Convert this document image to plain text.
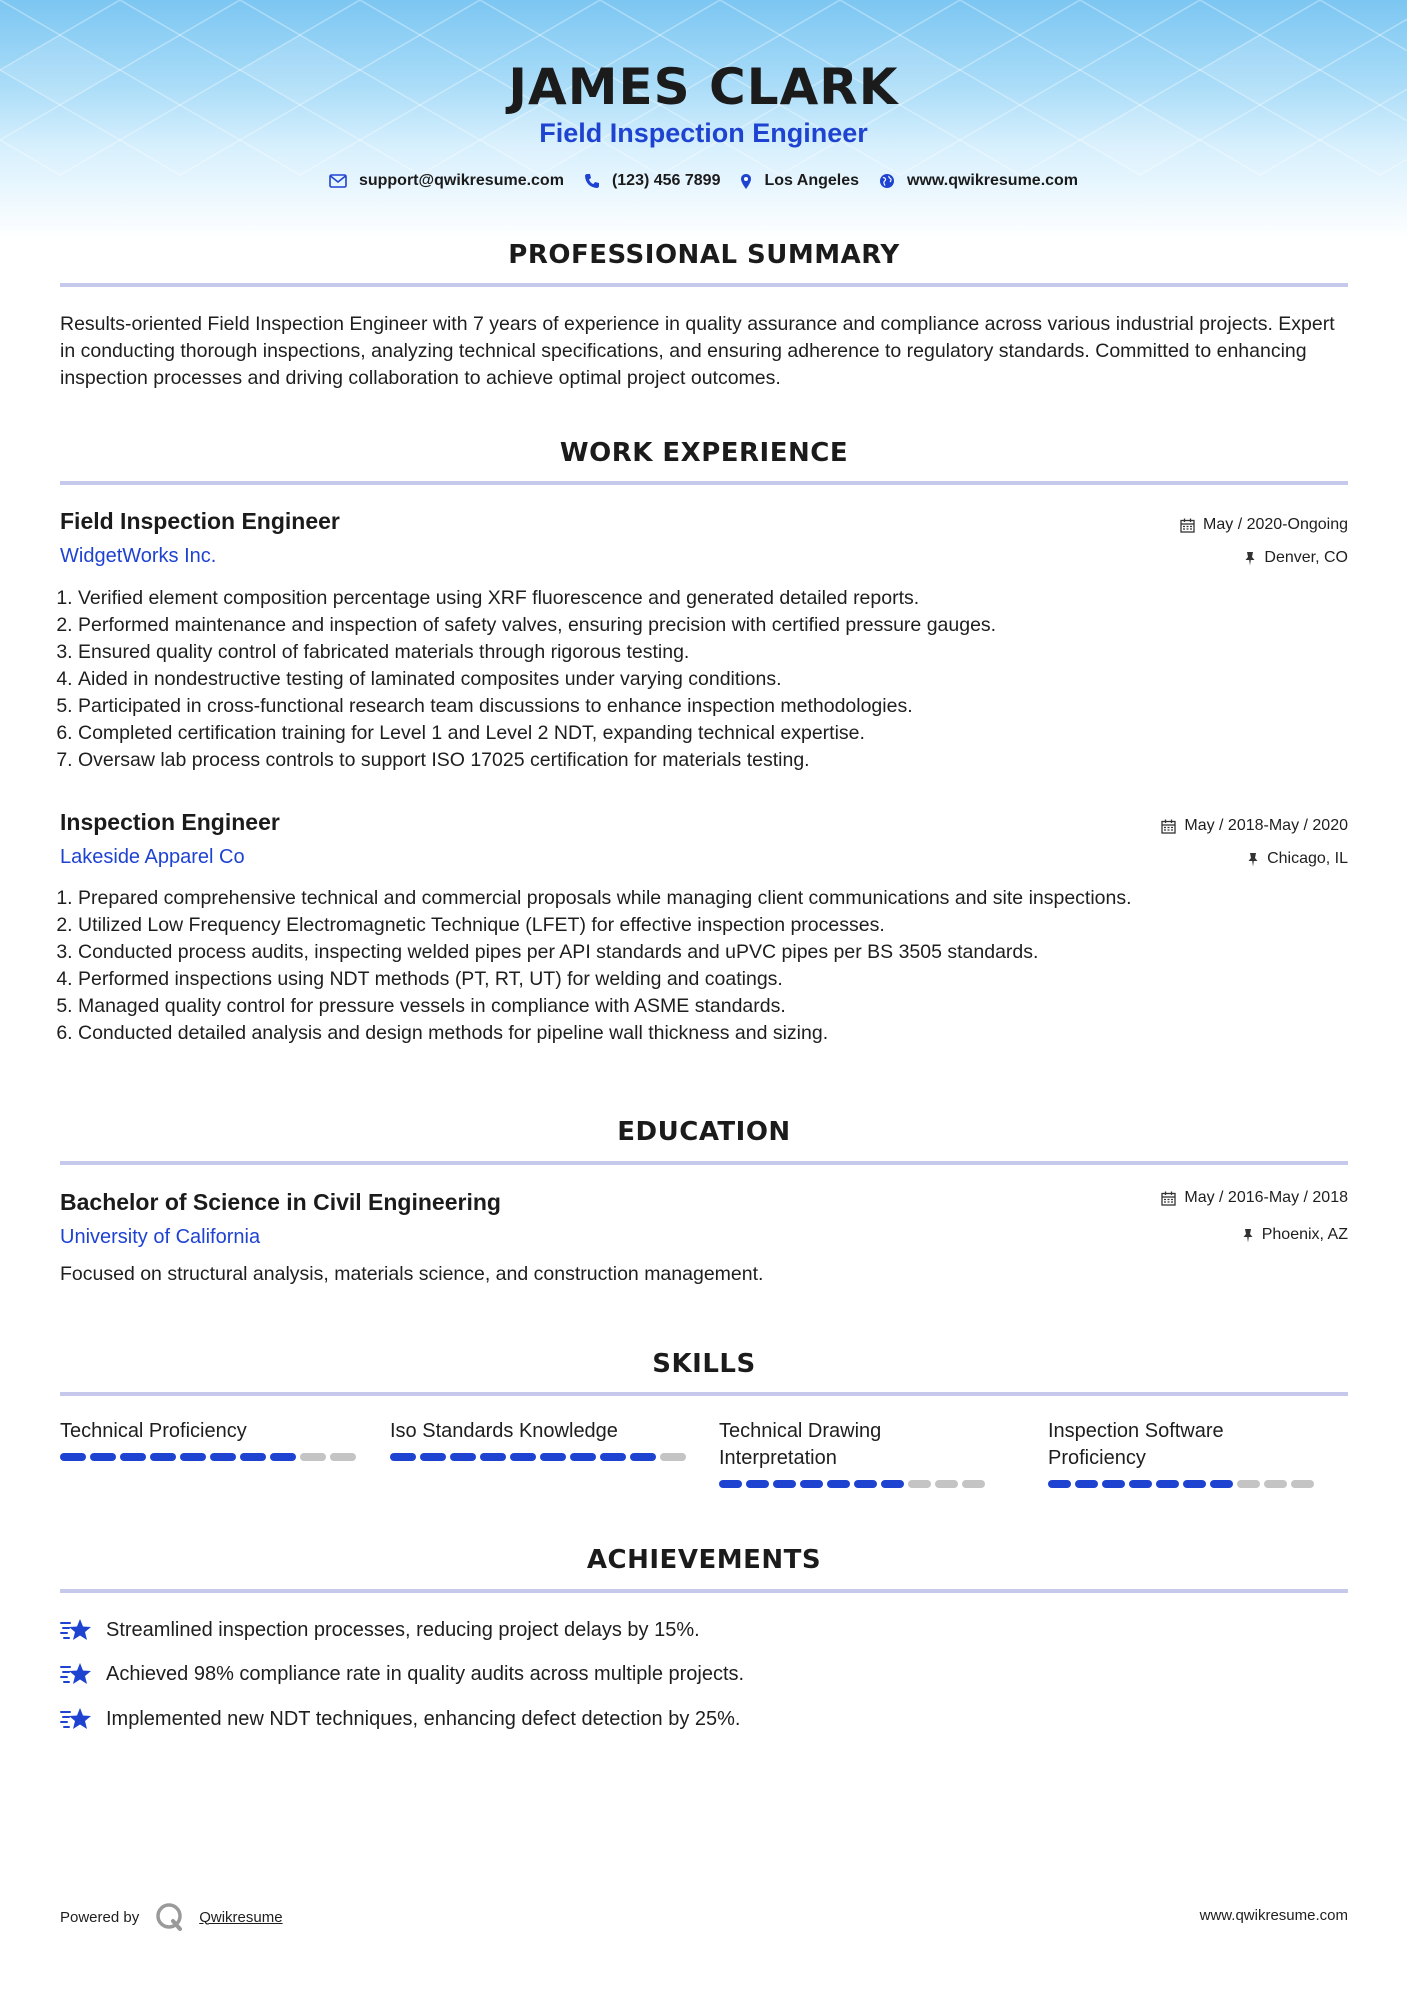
JAMES CLARK
Field Inspection Engineer
support@qwikresume.com	(123) 456 7899	Los Angeles	www.qwikresume.com
PROFESSIONAL SUMMARY
Results-oriented Field Inspection Engineer with 7 years of experience in quality assurance and compliance across various industrial projects. Expert in conducting thorough inspections, analyzing technical specifications, and ensuring adherence to regulatory standards. Committed to enhancing inspection processes and driving collaboration to achieve optimal project outcomes.
WORK EXPERIENCE
Field Inspection Engineer
WidgetWorks Inc.
May / 2020-Ongoing
Denver, CO
1. Verified element composition percentage using XRF fluorescence and generated detailed reports.
2. Performed maintenance and inspection of safety valves, ensuring precision with certified pressure gauges.
3. Ensured quality control of fabricated materials through rigorous testing.
4. Aided in nondestructive testing of laminated composites under varying conditions.
5. Participated in cross-functional research team discussions to enhance inspection methodologies.
6. Completed certification training for Level 1 and Level 2 NDT, expanding technical expertise.
7. Oversaw lab process controls to support ISO 17025 certification for materials testing.
Inspection Engineer
Lakeside Apparel Co
May / 2018-May / 2020
Chicago, IL
1. Prepared comprehensive technical and commercial proposals while managing client communications and site inspections.
2. Utilized Low Frequency Electromagnetic Technique (LFET) for effective inspection processes.
3. Conducted process audits, inspecting welded pipes per API standards and uPVC pipes per BS 3505 standards.
4. Performed inspections using NDT methods (PT, RT, UT) for welding and coatings.
5. Managed quality control for pressure vessels in compliance with ASME standards.
6. Conducted detailed analysis and design methods for pipeline wall thickness and sizing.
EDUCATION
Bachelor of Science in Civil Engineering
University of California
May / 2016-May / 2018
Phoenix, AZ
Focused on structural analysis, materials science, and construction management.
SKILLS
Technical Proficiency	Iso Standards Knowledge	Technical Drawing Interpretation
Inspection Software Proficiency
ACHIEVEMENTS
Streamlined inspection processes, reducing project delays by 15%.
Achieved 98% compliance rate in quality audits across multiple projects.
Implemented new NDT techniques, enhancing defect detection by 25%.
Powered by	Qwikresume	www.qwikresume.com
